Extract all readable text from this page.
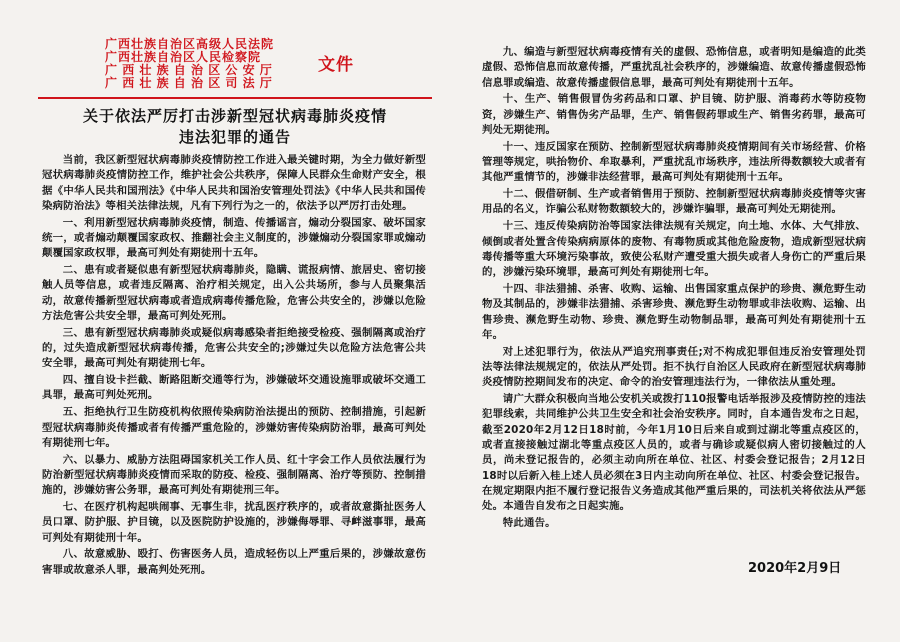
广西壮族自治区高级人民法院
广西壮族自治区人民检察院
广西壮族自治区公安厅
广西壮族自治区司法厅
文件
关于依法严厉打击涉新型冠状病毒肺炎疫情
违法犯罪的通告

当前，我区新型冠状病毒肺炎疫情防控工作进入最关键时期，为全力做好新型冠状病毒肺炎疫情防控工作，维护社会公共秩序，保障人民群众生命财产安全，根据《中华人民共和国刑法》《中华人民共和国治安管理处罚法》《中华人民共和国传染病防治法》等相关法律法规，凡有下列行为之一的，依法予以严厉打击处理。

一、利用新型冠状病毒肺炎疫情，制造、传播谣言，煽动分裂国家、破坏国家统一，或者煽动颠覆国家政权、推翻社会主义制度的，涉嫌煽动分裂国家罪或煽动颠覆国家政权罪，最高可判处有期徒刑十五年。

二、患有或者疑似患有新型冠状病毒肺炎，隐瞒、谎报病情、旅居史、密切接触人员等信息，或者违反隔离、治疗相关规定，出入公共场所，参与人员聚集活动，故意传播新型冠状病毒或者造成病毒传播危险，危害公共安全的，涉嫌以危险方法危害公共安全罪，最高可判处死刑。

三、患有新型冠状病毒肺炎或疑似病毒感染者拒绝接受检疫、强制隔离或治疗的，过失造成新型冠状病毒传播，危害公共安全的;涉嫌过失以危险方法危害公共安全罪，最高可判处有期徒刑七年。

四、擅自设卡拦截、断路阻断交通等行为，涉嫌破坏交通设施罪或破坏交通工具罪，最高可判处死刑。

五、拒绝执行卫生防疫机构依照传染病防治法提出的预防、控制措施，引起新型冠状病毒肺炎传播或者有传播严重危险的，涉嫌妨害传染病防治罪，最高可判处有期徒刑七年。

六、以暴力、威胁方法阻碍国家机关工作人员、红十字会工作人员依法履行为防治新型冠状病毒肺炎疫情而采取的防疫、检疫、强制隔离、治疗等预防、控制措施的，涉嫌妨害公务罪，最高可判处有期徒刑三年。

七、在医疗机构起哄闹事、无事生非，扰乱医疗秩序的，或者故意撕扯医务人员口罩、防护服、护目镜，以及医院防护设施的，涉嫌侮辱罪、寻衅滋事罪，最高可判处有期徒刑十年。

八、故意威胁、殴打、伤害医务人员，造成轻伤以上严重后果的，涉嫌故意伤害罪或故意杀人罪，最高判处死刑。

九、编造与新型冠状病毒疫情有关的虚假、恐怖信息，或者明知是编造的此类虚假、恐怖信息而故意传播，严重扰乱社会秩序的，涉嫌编造、故意传播虚假恐怖信息罪或编造、故意传播虚假信息罪，最高可判处有期徒刑十五年。

十、生产、销售假冒伪劣药品和口罩、护目镜、防护服、消毒药水等防疫物资，涉嫌生产、销售伪劣产品罪，生产、销售假药罪或生产、销售劣药罪，最高可判处无期徒刑。

十一、违反国家在预防、控制新型冠状病毒肺炎疫情期间有关市场经营、价格管理等规定，哄抬物价、牟取暴利，严重扰乱市场秩序，违法所得数额较大或者有其他严重情节的，涉嫌非法经营罪，最高可判处有期徒刑十五年。

十二、假借研制、生产或者销售用于预防、控制新型冠状病毒肺炎疫情等灾害用品的名义，诈骗公私财物数额较大的，涉嫌诈骗罪，最高可判处无期徒刑。

十三、违反传染病防治等国家法律法规有关规定，向土地、水体、大气排放、倾倒或者处置含传染病病原体的废物、有毒物质或其他危险废物，造成新型冠状病毒传播等重大环境污染事故，致使公私财产遭受重大损失或者人身伤亡的严重后果的，涉嫌污染环境罪，最高可判处有期徒刑七年。

十四、非法猎捕、杀害、收购、运输、出售国家重点保护的珍贵、濒危野生动物及其制品的，涉嫌非法猎捕、杀害珍贵、濒危野生动物罪或非法收购、运输、出售珍贵、濒危野生动物、珍贵、濒危野生动物制品罪，最高可判处有期徒刑十五年。

对上述犯罪行为，依法从严追究刑事责任;对不构成犯罪但违反治安管理处罚法等法律法规规定的，依法从严处罚。拒不执行自治区人民政府在新型冠状病毒肺炎疫情防控期间发布的决定、命令的治安管理违法行为，一律依法从重处理。

请广大群众积极向当地公安机关或拨打110报警电话举报涉及疫情防控的违法犯罪线索，共同维护公共卫生安全和社会治安秩序。同时，自本通告发布之日起，截至2020年2月12日18时前，今年1月10日后来自或到过湖北等重点疫区的，或者直接接触过湖北等重点疫区人员的，或者与确诊或疑似病人密切接触过的人员，尚未登记报告的，必须主动向所在单位、社区、村委会登记报告；2月12日18时以后新入桂上述人员必须在3日内主动向所在单位、社区、村委会登记报告。在规定期限内拒不履行登记报告义务造成其他严重后果的，司法机关将依法从严惩处。本通告自发布之日起实施。

特此通告。

2020年2月9日
